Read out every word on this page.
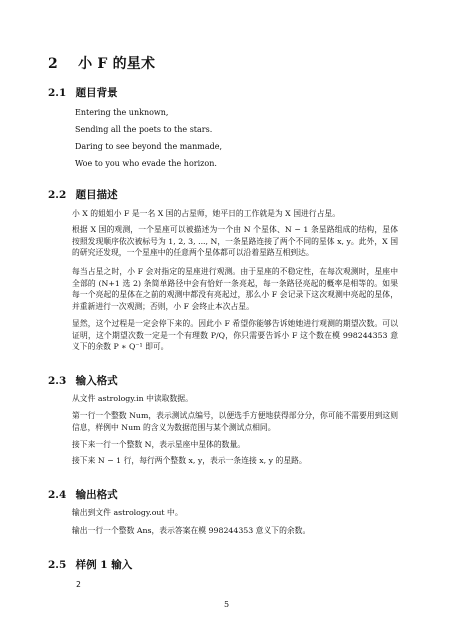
2 小 F 的星术
2.1 题目背景
Entering the unknown,
Sending all the poets to the stars.
Daring to see beyond the manmade,
Woe to you who evade the horizon.
2.2 题目描述
小 X 的姐姐小 F 是一名 X 国的占星师，她平日的工作就是为 X 国进行占星。
根据 X 国的观测，一个星座可以被描述为一个由 N 个星体、N − 1 条星路组成的结构，星体按照发现顺序依次被标号为 1, 2, 3, ..., N，一条星路连接了两个不同的星体 x, y。此外，X 国的研究还发现，一个星座中的任意两个星体都可以沿着星路互相到达。
每当占星之时，小 F 会对指定的星座进行观测。由于星座的不稳定性，在每次观测时，星座中全部的 (N+1 选 2) 条简单路径中会有恰好一条亮起，每一条路径亮起的概率是相等的。如果每一个亮起的星体在之前的观测中都没有亮起过，那么小 F 会记录下这次观测中亮起的星体，并重新进行一次观测；否则，小 F 会终止本次占星。
显然，这个过程是一定会停下来的。因此小 F 希望你能够告诉她她进行观测的期望次数。可以证明，这个期望次数一定是一个有理数 P/Q，你只需要告诉小 F 这个数在模 998244353 意义下的余数 P ∗ Q⁻¹ 即可。
2.3 输入格式
从文件 astrology.in 中读取数据。
第一行一个整数 Num，表示测试点编号，以便选手方便地获得部分分，你可能不需要用到这则信息，样例中 Num 的含义为数据范围与某个测试点相同。
接下来一行一个整数 N，表示星座中星体的数量。
接下来 N − 1 行，每行两个整数 x, y，表示一条连接 x, y 的星路。
2.4 输出格式
输出到文件 astrology.out 中。
输出一行一个整数 Ans，表示答案在模 998244353 意义下的余数。
2.5 样例 1 输入
2
5
